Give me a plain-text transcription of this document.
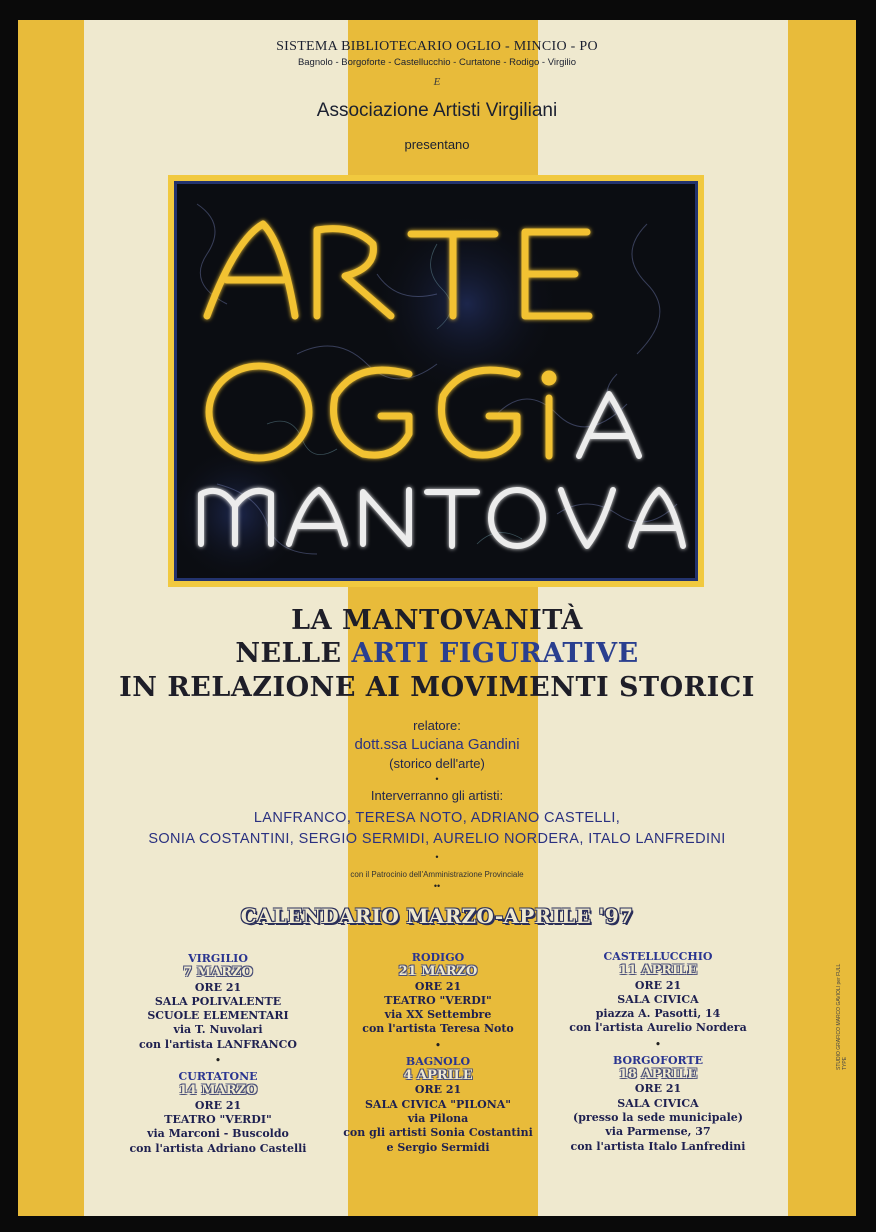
SISTEMA BIBLIOTECARIO OGLIO - MINCIO - PO
Bagnolo - Borgoforte - Castellucchio - Curtatone - Rodigo - Virgilio
E
Associazione Artisti Virgiliani
presentano
LA MANTOVANITÀ
NELLE ARTI FIGURATIVE
IN RELAZIONE AI MOVIMENTI STORICI
relatore:
dott.ssa Luciana Gandini
(storico dell'arte)
•
Interverranno gli artisti:
LANFRANCO, TERESA NOTO, ADRIANO CASTELLI,
SONIA COSTANTINI, SERGIO SERMIDI, AURELIO NORDERA, ITALO LANFREDINI
•
con il Patrocinio dell'Amministrazione Provinciale
••
CALENDARIO MARZO-APRILE '97
VIRGILIO
7 MARZO
ORE 21
SALA POLIVALENTE
SCUOLE ELEMENTARI
via T. Nuvolari
con l'artista LANFRANCO
•
CURTATONE
14 MARZO
ORE 21
TEATRO "VERDI"
via Marconi - Buscoldo
con l'artista Adriano Castelli
RODIGO
21 MARZO
ORE 21
TEATRO "VERDI"
via XX Settembre
con l'artista Teresa Noto
•
BAGNOLO
4 APRILE
ORE 21
SALA CIVICA "PILONA"
via Pilona
con gli artisti Sonia Costantini
e Sergio Sermidi
CASTELLUCCHIO
11 APRILE
ORE 21
SALA CIVICA
piazza A. Pasotti, 14
con l'artista Aurelio Nordera
•
BORGOFORTE
18 APRILE
ORE 21
SALA CIVICA
(presso la sede municipale)
via Parmense, 37
con l'artista Italo Lanfredini
STUDIO GRAFICO MARCO GAVIOLI per FULL TYPE
